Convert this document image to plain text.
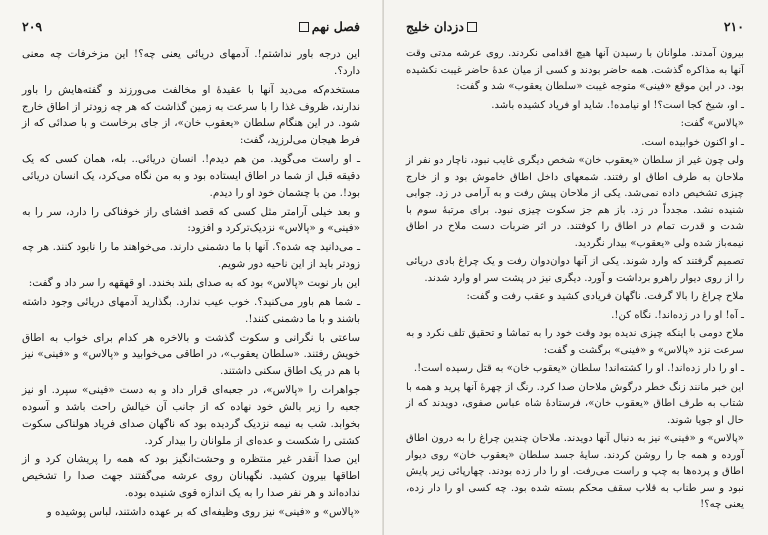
فصل نهم
۲۰۹

این درجه باور نداشتم!. آدمهای دریائی یعنی چه؟! این مزخرفات چه معنی دارد؟.

مستخدم‌که می‌دید آنها با عقیده‌ٔ او مخالفت می‌ورزند و گفته‌هایش را باور ندارند، ظروف غذا را با سرعت به زمین گذاشت که هر چه زودتر از اطاق خارج شود. در این هنگام سلطان «یعقوب خان»، از جای برخاست و با صدائی که از فرط هیجان می‌لرزید، گفت:

ـ او راست می‌گوید. من هم دیدم!. انسان دریائی.. بله، همان کسی که یک دقیقه قبل از شما در اطاق ایستاده بود و به من نگاه می‌کرد، یک انسان دریائی بود!. من با چشمان خود او را دیدم.

و بعد خیلی آرامتر مثل کسی که قصد افشای راز خوفناکی را دارد، سر را به «فینی» و «پالاس» نزدیک‌ترکرد و افزود:

ـ می‌دانید چه شده؟. آنها با ما دشمنی دارند. می‌خواهند ما را نابود کنند. هر چه زودتر باید از این ناحیه دور شویم.

این بار نوبت «پالاس» بود که به صدای بلند بخندد. او قهقهه را سر داد و گفت:

ـ شما هم باور می‌کنید؟. خوب عیب ندارد. بگذارید آدمهای دریائی وجود داشته باشند و با ما دشمنی کنند!.

ساعتی با نگرانی و سکوت گذشت و بالاخره هر کدام برای خواب به اطاق خویش رفتند. «سلطان یعقوب»، در اطاقی می‌خوابید و «پالاس» و «فینی» نیز با هم در یک اطاق سکنی داشتند.

جواهرات را «پالاس»، در جعبه‌ای قرار داد و به دست «فینی» سپرد. او نیز جعبه را زیر بالش خود نهاده که از جانب آن خیالش راحت باشد و آسوده بخوابد. شب به نیمه نزدیک گردیده بود که ناگهان صدای فریاد هولناکی سکوت کشتی را شکست و عده‌ای از ملوانان را بیدار کرد.

این صدا آنقدر غیر منتظره و وحشت‌انگیز بود که همه را پریشان کرد و از اطاقها بیرون کشید. نگهبانان روی عرشه می‌گفتند جهت صدا را تشخیص نداده‌اند و هر نفر صدا را به یک اندازه قوی شنیده بوده.

«پالاس» و «فینی» نیز روی وظیفه‌ای که بر عهده داشتند، لباس پوشیده و

۲۱۰
دزدان خلیج

بیرون آمدند. ملوانان با رسیدن آنها هیچ اقدامی نکردند. روی عرشه مدتی وقت آنها به مذاکره گذشت. همه حاضر بودند و کسی از میان عدهٔ حاضر غیبت نکشیده بود. در این موقع «فینی» متوجه غیبت «سلطان یعقوب» شد و گفت:

ـ او، شیخ کجا است؟! او نیامده!. شاید او فریاد کشیده باشد.

«پالاس» گفت:

ـ او اکنون خوابیده است.

ولی چون غیر از سلطان «یعقوب خان» شخص دیگری غایب نبود، ناچار دو نفر از ملاحان به طرف اطاق او رفتند. شمعهای داخل اطاق خاموش بود و از خارج چیزی تشخیص داده نمی‌شد. یکی از ملاحان پیش رفت و به آرامی در زد. جوابی شنیده نشد. مجدداً در زد. باز هم جز سکوت چیزی نبود. برای مرتبهٔ سوم با شدت و قدرت تمام در اطاق را کوفتند. در اثر ضربات دست ملاح در اطاق نیمه‌باز شده ولی «یعقوب» بیدار نگردید.

تصمیم گرفتند که وارد شوند. یکی از آنها دوان‌دوان رفت و یک چراغ بادی دریائی را از روی دیوار راهرو برداشت و آورد. دیگری نیز در پشت سر او وارد شدند.

ملاح چراغ را بالا گرفت. ناگهان فریادی کشید و عقب رفت و گفت:

ـ آه! او را در زده‌اند!. نگاه کن!.

ملاح دومی با اینکه چیزی ندیده بود وقت خود را به تماشا و تحقیق تلف نکرد و به سرعت نزد «پالاس» و «فینی» برگشت و گفت:

ـ او را دار زده‌اند!. او را کشته‌اند! سلطان «یعقوب خان» به قتل رسیده است!.

این خبر مانند زنگ خطر درگوش ملاحان صدا کرد. رنگ از چهرهٔ آنها پرید و همه با شتاب به طرف اطاق «یعقوب خان»، فرستادهٔ شاه عباس صفوی، دویدند که از حال او جویا شوند.

«پالاس» و «فینی» نیز به دنبال آنها دویدند. ملاحان چندین چراغ را به درون اطاق آورده و همه جا را روشن کردند. سایهٔ جسد سلطان «یعقوب خان» روی دیوار اطاق و پرده‌ها به چپ و راست می‌رفت. او را دار زده بودند. چهارپائی زیر پایش نبود و سر طناب به قلاب سقف محکم بسته شده بود. چه کسی او را دار زده، یعنی چه؟!
